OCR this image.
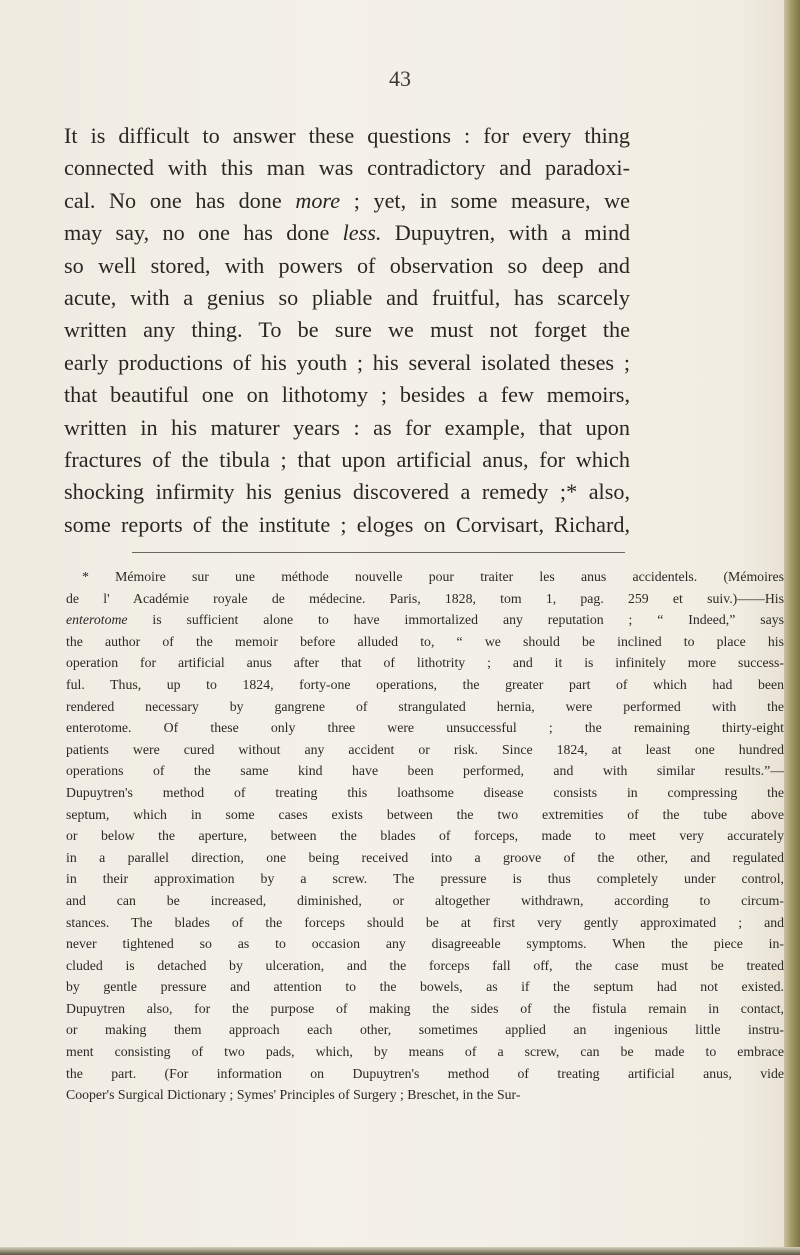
43
It is difficult to answer these questions : for every thing
connected with this man was contradictory and paradoxi-
cal. No one has done more ; yet, in some measure, we
may say, no one has done less. Dupuytren, with a mind
so well stored, with powers of observation so deep and
acute, with a genius so pliable and fruitful, has scarcely
written any thing. To be sure we must not forget the
early productions of his youth ; his several isolated theses ;
that beautiful one on lithotomy ; besides a few memoirs,
written in his maturer years : as for example, that upon
fractures of the tibula ; that upon artificial anus, for which
shocking infirmity his genius discovered a remedy ;* also,
some reports of the institute ; eloges on Corvisart, Richard,
* Mémoire sur une méthode nouvelle pour traiter les anus accidentels. (Mémoires
de l' Académie royale de médecine. Paris, 1828, tom 1, pag. 259 et suiv.)——His
enterotome is sufficient alone to have immortalized any reputation ; “ Indeed,” says
the author of the memoir before alluded to, “ we should be inclined to place his
operation for artificial anus after that of lithotrity ; and it is infinitely more success-
ful. Thus, up to 1824, forty-one operations, the greater part of which had been
rendered necessary by gangrene of strangulated hernia, were performed with the
enterotome. Of these only three were unsuccessful ; the remaining thirty-eight
patients were cured without any accident or risk. Since 1824, at least one hundred
operations of the same kind have been performed, and with similar results.”—
Dupuytren's method of treating this loathsome disease consists in compressing the
septum, which in some cases exists between the two extremities of the tube above
or below the aperture, between the blades of forceps, made to meet very accurately
in a parallel direction, one being received into a groove of the other, and regulated
in their approximation by a screw. The pressure is thus completely under control,
and can be increased, diminished, or altogether withdrawn, according to circum-
stances. The blades of the forceps should be at first very gently approximated ; and
never tightened so as to occasion any disagreeable symptoms. When the piece in-
cluded is detached by ulceration, and the forceps fall off, the case must be treated
by gentle pressure and attention to the bowels, as if the septum had not existed.
Dupuytren also, for the purpose of making the sides of the fistula remain in contact,
or making them approach each other, sometimes applied an ingenious little instru-
ment consisting of two pads, which, by means of a screw, can be made to embrace
the part. (For information on Dupuytren's method of treating artificial anus, vide
Cooper's Surgical Dictionary ; Symes' Principles of Surgery ; Breschet, in the Sur-
